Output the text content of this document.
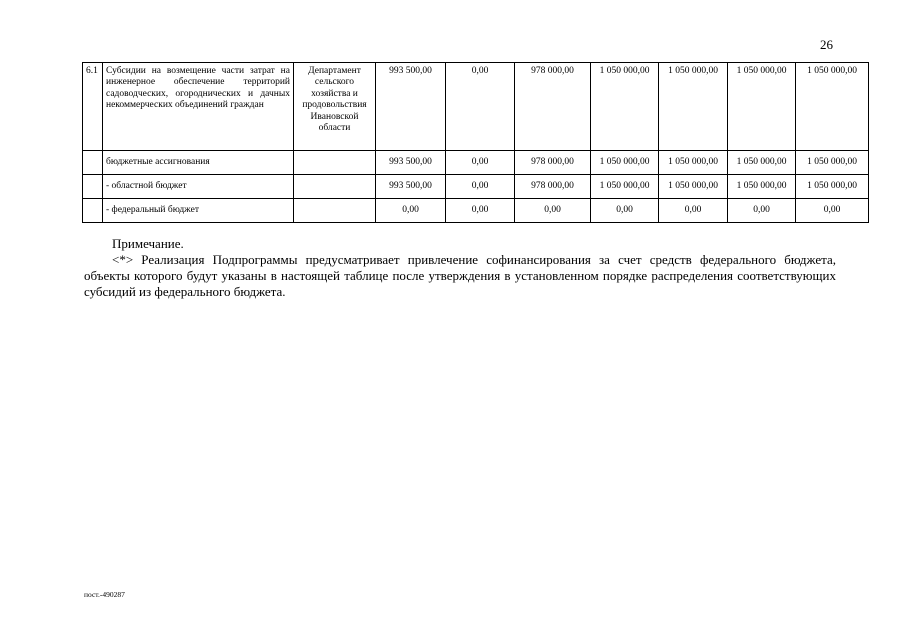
26
6.1	Субсидии на возмещение части затрат на инженерное обеспечение территорий садоводческих, огороднических и дачных некоммерческих объединений граждан	Департамент сельского хозяйства и продовольствия Ивановской области	993 500,00	0,00	978 000,00	1 050 000,00	1 050 000,00	1 050 000,00	1 050 000,00
	бюджетные ассигнования		993 500,00	0,00	978 000,00	1 050 000,00	1 050 000,00	1 050 000,00	1 050 000,00
	- областной бюджет		993 500,00	0,00	978 000,00	1 050 000,00	1 050 000,00	1 050 000,00	1 050 000,00
	- федеральный бюджет		0,00	0,00	0,00	0,00	0,00	0,00	0,00
Примечание.
<*> Реализация Подпрограммы предусматривает привлечение софинансирования за счет средств федерального бюджета, объекты которого будут указаны в настоящей таблице после утверждения в установленном порядке распределения соответствующих субсидий из федерального бюджета.
пост.-490287
